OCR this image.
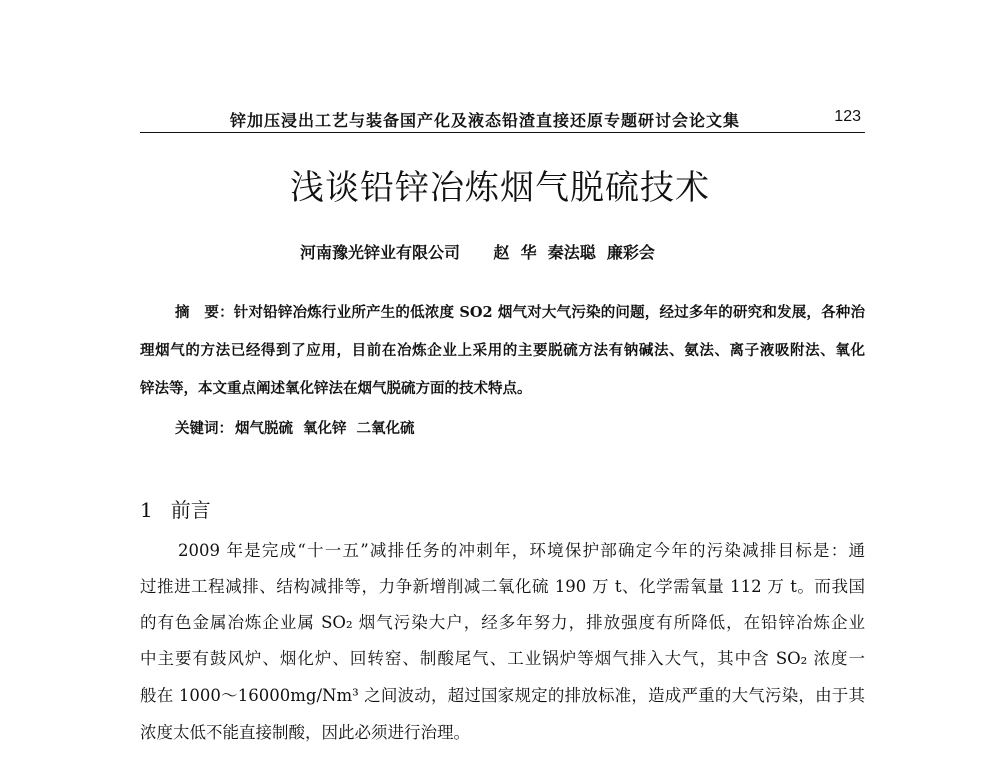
锌加压浸出工艺与装备国产化及液态铅渣直接还原专题研讨会论文集	123
浅谈铅锌冶炼烟气脱硫技术
河南豫光锌业有限公司      赵  华  秦法聪  廉彩会
摘　要：针对铅锌冶炼行业所产生的低浓度 SO2 烟气对大气污染的问题，经过多年的研究和发展，各种治
理烟气的方法已经得到了应用，目前在冶炼企业上采用的主要脱硫方法有钠碱法、氨法、离子液吸附法、氧化
锌法等，本文重点阐述氧化锌法在烟气脱硫方面的技术特点。
关键词： 烟气脱硫 氧化锌 二氧化硫
1 前言
2009 年是完成“十一五”减排任务的冲刺年，环境保护部确定今年的污染减排目标是：通
过推进工程减排、结构减排等，力争新增削减二氧化硫 190 万 t、化学需氧量 112 万 t。而我国
的有色金属冶炼企业属 SO₂ 烟气污染大户，经多年努力，排放强度有所降低，在铅锌冶炼企业
中主要有鼓风炉、烟化炉、回转窑、制酸尾气、工业锅炉等烟气排入大气，其中含 SO₂ 浓度一
般在 1000～16000mg/Nm³ 之间波动，超过国家规定的排放标准，造成严重的大气污染，由于其
浓度太低不能直接制酸，因此必须进行治理。
